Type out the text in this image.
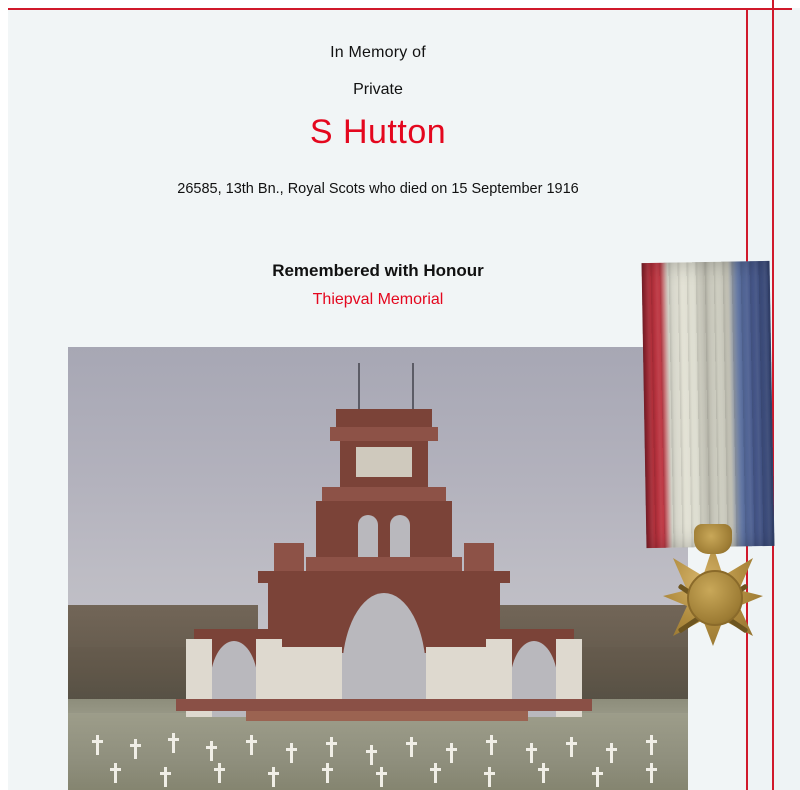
In Memory of
Private
S Hutton
26585, 13th Bn., Royal Scots who died on 15 September 1916
Remembered with Honour
Thiepval Memorial
